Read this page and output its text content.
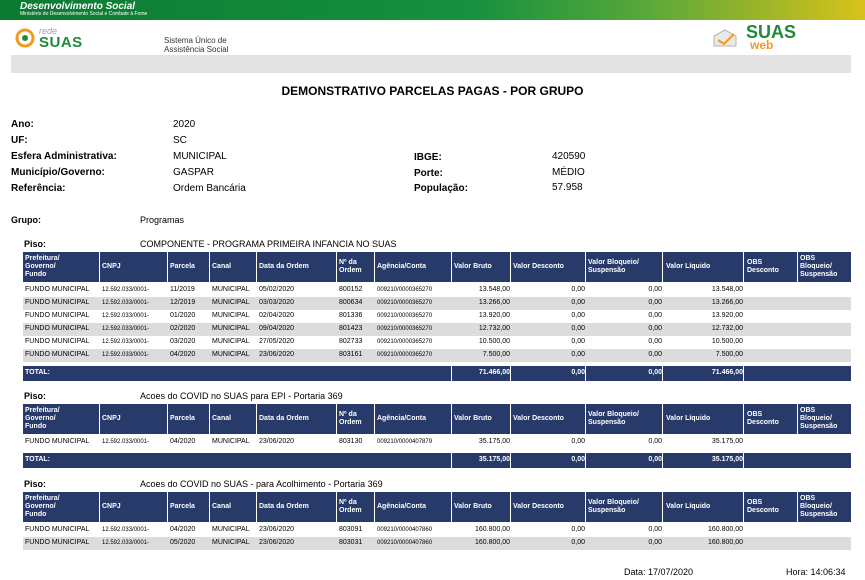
Desenvolvimento Social
Ministério do Desenvolvimento Social e Combate à Fome
rede
SUAS	Sistema Único de
Assistência Social
SUAS
web
DEMONSTRATIVO PARCELAS PAGAS - POR GRUPO
Ano:	2020
UF:	SC
Esfera Administrativa:	MUNICIPAL
Município/Governo:	GASPAR
Referência:	Ordem Bancária
IBGE:	420590
Porte:	MÉDIO
População:	57.958
Grupo:	Programas
Piso:	COMPONENTE - PROGRAMA PRIMEIRA INFANCIA NO SUAS
Prefeitura/
Governo/
Fundo
CNPJ	Parcela Canal	Data da Ordem
Nº da
Ordem
Agência/Conta	Valor Bruto	Valor Desconto
Valor Bloqueio/
Suspensão
Valor Líquido
OBS
Desconto
OBS
Bloqueio/
Suspensão
FUNDO MUNICIPAL 12.592.033/0001-	11/2019 MUNICIPAL 05/02/2020	800152 009210/0000365270	13.548,00	0,00	0,00	13.548,00
FUNDO MUNICIPAL 12.592.033/0001-	12/2019 MUNICIPAL 03/03/2020	800634 009210/0000365270	13.266,00	0,00	0,00	13.266,00
FUNDO MUNICIPAL 12.592.033/0001-	01/2020 MUNICIPAL 02/04/2020	801336 009210/0000365270	13.920,00	0,00	0,00	13.920,00
FUNDO MUNICIPAL 12.592.033/0001-	02/2020 MUNICIPAL 09/04/2020	801423 009210/0000365270	12.732,00	0,00	0,00	12.732,00
FUNDO MUNICIPAL 12.592.033/0001-	03/2020 MUNICIPAL 27/05/2020	802733 009210/0000365270	10.500,00	0,00	0,00	10.500,00
FUNDO MUNICIPAL 12.592.033/0001-	04/2020 MUNICIPAL 23/06/2020	803161 009210/0000365270	7.500,00	0,00	0,00	7.500,00
TOTAL:	71.466,00	0,00	0,00	71.466,00
Piso:	Acoes do COVID no SUAS para EPI - Portaria 369
Prefeitura/
Governo/
Fundo
CNPJ	Parcela Canal	Data da Ordem
Nº da
Ordem
Agência/Conta	Valor Bruto	Valor Desconto
Valor Bloqueio/
Suspensão
Valor Líquido
OBS
Desconto
OBS
Bloqueio/
Suspensão
FUNDO MUNICIPAL 12.592.033/0001-	04/2020 MUNICIPAL 23/06/2020	803130 009210/0000407879	35.175,00	0,00	0,00	35.175,00
TOTAL:	35.175,00	0,00	0,00	35.175,00
Piso:	Acoes do COVID no SUAS - para Acolhimento - Portaria 369
Prefeitura/
Governo/
Fundo
CNPJ	Parcela Canal	Data da Ordem
Nº da
Ordem
Agência/Conta	Valor Bruto	Valor Desconto
Valor Bloqueio/
Suspensão
Valor Líquido
OBS
Desconto
OBS
Bloqueio/
Suspensão
FUNDO MUNICIPAL 12.592.033/0001-	04/2020 MUNICIPAL 23/06/2020	803091 009210/0000407860	160.800,00	0,00	0,00	160.800,00
FUNDO MUNICIPAL 12.592.033/0001-	05/2020 MUNICIPAL 23/06/2020	803031 009210/0000407860	160.800,00	0,00	0,00	160.800,00
Data: 17/07/2020	Hora: 14:06:34
